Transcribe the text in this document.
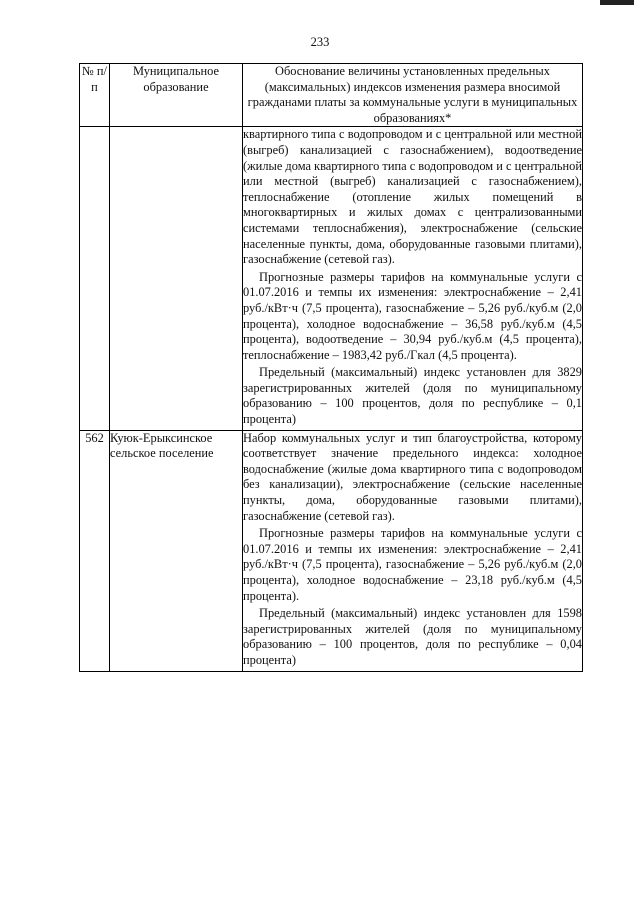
233
№ п/п	Муниципальное образование	Обоснование величины установленных предельных (максимальных) индексов изменения размера вносимой гражданами платы за коммунальные услуги в муниципальных образованиях*

		квартирного типа с водопроводом и с центральной или местной (выгреб) канализацией с газоснабжением), водоотведение (жилые дома квартирного типа с водопроводом и с центральной или местной (выгреб) канализацией с газоснабжением), теплоснабжение (отопление жилых помещений в многоквартирных и жилых домах с централизованными системами теплоснабжения), электроснабжение (сельские населенные пункты, дома, оборудованные газовыми плитами), газоснабжение (сетевой газ).

Прогнозные размеры тарифов на коммунальные услуги с 01.07.2016 и темпы их изменения: электроснабжение – 2,41 руб./кВт·ч (7,5 процента), газоснабжение – 5,26 руб./куб.м (2,0 процента), холодное водоснабжение – 36,58 руб./куб.м (4,5 процента), водоотведение – 30,94 руб./куб.м (4,5 процента), теплоснабжение – 1983,42 руб./Гкал (4,5 процента).

Предельный (максимальный) индекс установлен для 3829 зарегистрированных жителей (доля по муниципальному образованию – 100 процентов, доля по республике – 0,1 процента)

562	Куюк-Ерыксинское сельское поселение	Набор коммунальных услуг и тип благоустройства, которому соответствует значение предельного индекса: холодное водоснабжение (жилые дома квартирного типа с водопроводом без канализации), электроснабжение (сельские населенные пункты, дома, оборудованные газовыми плитами), газоснабжение (сетевой газ).

Прогнозные размеры тарифов на коммунальные услуги с 01.07.2016 и темпы их изменения: электроснабжение – 2,41 руб./кВт·ч (7,5 процента), газоснабжение – 5,26 руб./куб.м (2,0 процента), холодное водоснабжение – 23,18 руб./куб.м (4,5 процента).

Предельный (максимальный) индекс установлен для 1598 зарегистрированных жителей (доля по муниципальному образованию – 100 процентов, доля по республике – 0,04 процента)
